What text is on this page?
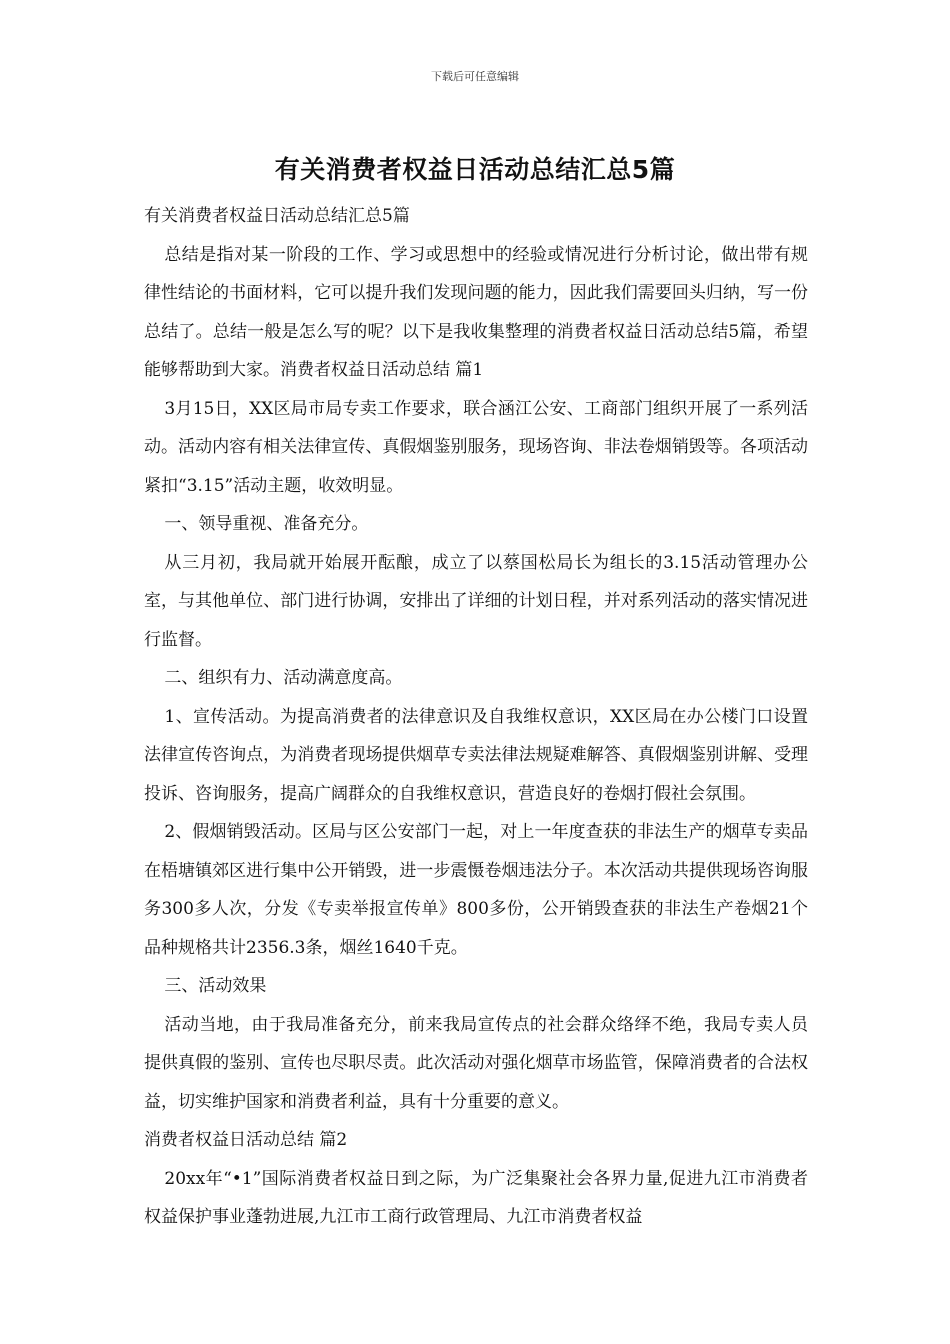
下载后可任意编辑
有关消费者权益日活动总结汇总5篇

有关消费者权益日活动总结汇总5篇

总结是指对某一阶段的工作、学习或思想中的经验或情况进行分析讨论，做出带有规律性结论的书面材料，它可以提升我们发现问题的能力，因此我们需要回头归纳，写一份总结了。总结一般是怎么写的呢？以下是我收集整理的消费者权益日活动总结5篇，希望能够帮助到大家。消费者权益日活动总结 篇1

3月15日，XX区局市局专卖工作要求，联合涵江公安、工商部门组织开展了一系列活动。活动内容有相关法律宣传、真假烟鉴别服务，现场咨询、非法卷烟销毁等。各项活动紧扣“3.15”活动主题，收效明显。

一、领导重视、准备充分。

从三月初，我局就开始展开酝酿，成立了以蔡国松局长为组长的3.15活动管理办公室，与其他单位、部门进行协调，安排出了详细的计划日程，并对系列活动的落实情况进行监督。

二、组织有力、活动满意度高。

1、宣传活动。为提高消费者的法律意识及自我维权意识，XX区局在办公楼门口设置法律宣传咨询点，为消费者现场提供烟草专卖法律法规疑难解答、真假烟鉴别讲解、受理投诉、咨询服务，提高广阔群众的自我维权意识，营造良好的卷烟打假社会氛围。

2、假烟销毁活动。区局与区公安部门一起，对上一年度查获的非法生产的烟草专卖品在梧塘镇郊区进行集中公开销毁，进一步震慑卷烟违法分子。本次活动共提供现场咨询服务300多人次，分发《专卖举报宣传单》800多份，公开销毁查获的非法生产卷烟21个品种规格共计2356.3条，烟丝1640千克。

三、活动效果

活动当地，由于我局准备充分，前来我局宣传点的社会群众络绎不绝，我局专卖人员提供真假的鉴别、宣传也尽职尽责。此次活动对强化烟草市场监管，保障消费者的合法权益，切实维护国家和消费者利益，具有十分重要的意义。

消费者权益日活动总结 篇2

20xx年“•1”国际消费者权益日到之际，为广泛集聚社会各界力量,促进九江市消费者权益保护事业蓬勃进展,九江市工商行政管理局、九江市消费者权益
